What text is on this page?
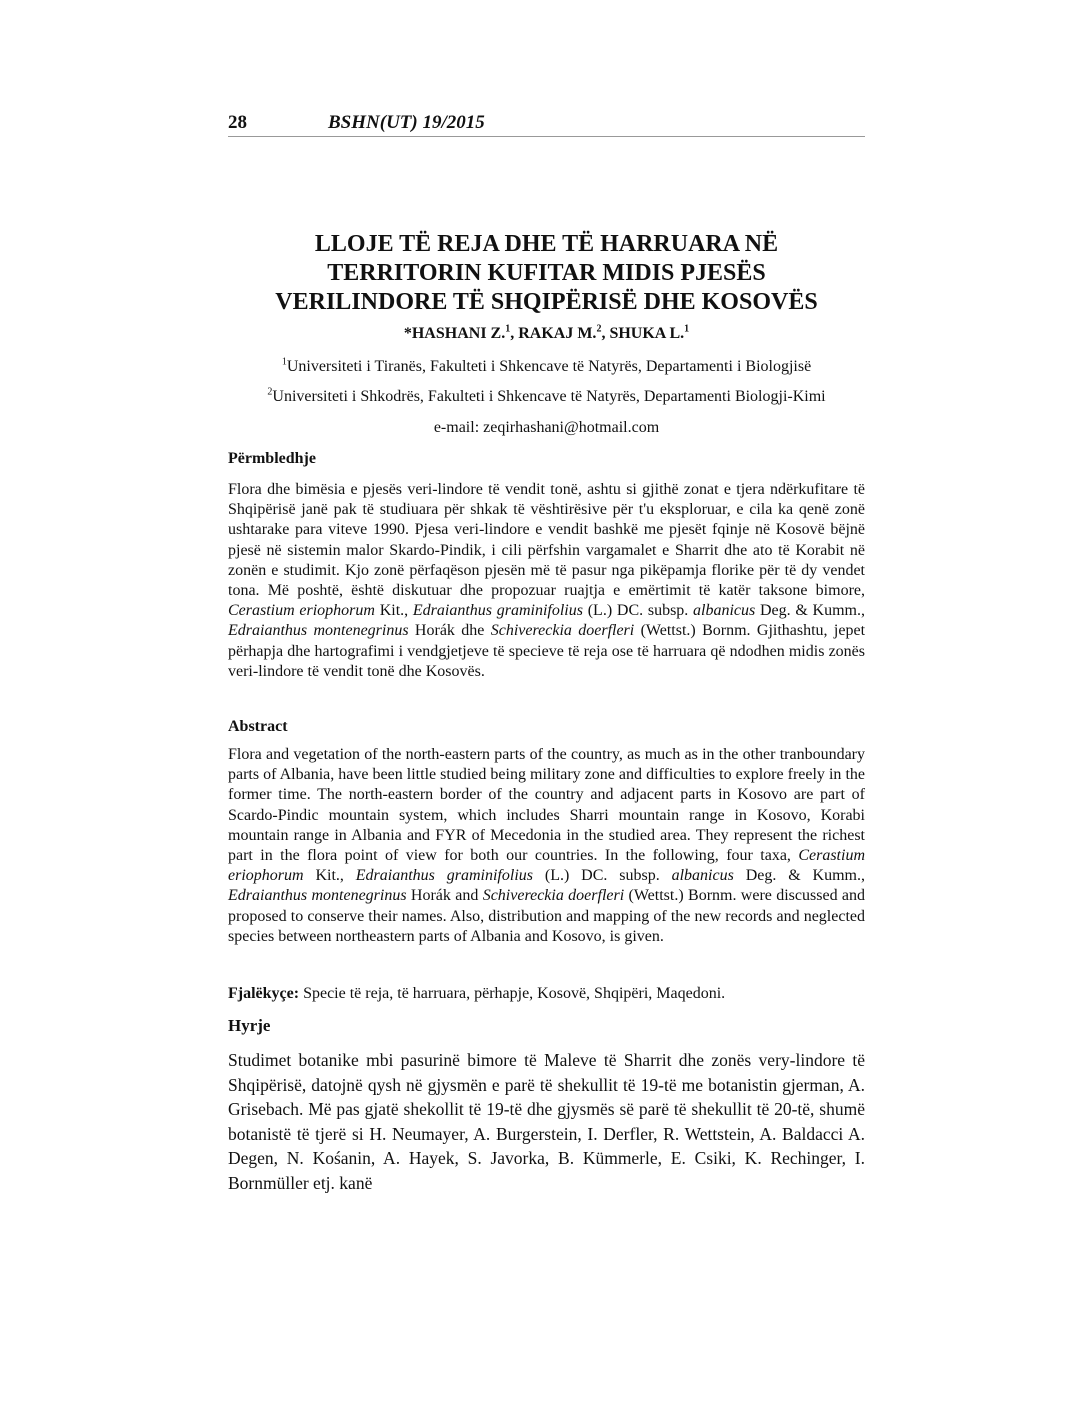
28	BSHN(UT) 19/2015
LLOJE TË REJA DHE TË HARRUARA NË
TERRITORIN KUFITAR MIDIS PJESËS
VERILINDORE TË SHQIPËRISË DHE KOSOVËS
*HASHANI Z.$^1$, RAKAJ M.$^2$, SHUKA L.$^1$
$^1$Universiteti i Tiranës, Fakulteti i Shkencave të Natyrës, Departamenti i Biologjisë
$^2$Universiteti i Shkodrës, Fakulteti i Shkencave të Natyrës, Departamenti Biologji-Kimi
e-mail: zeqirhashani@hotmail.com
Përmbledhje

Flora dhe bimësia e pjesës veri-lindore të vendit tonë, ashtu si gjithë zonat e tjera ndërkufitare të Shqipërisë janë pak të studiuara për shkak të vështirësive për t'u eksploruar, e cila ka qenë zonë ushtarake para viteve 1990. Pjesa veri-lindore e vendit bashkë me pjesët fqinje në Kosovë bëjnë pjesë në sistemin malor Skardo-Pindik, i cili përfshin vargamalet e Sharrit dhe ato të Korabit në zonën e studimit. Kjo zonë përfaqëson pjesën më të pasur nga pikëpamja florike për të dy vendet tona. Më poshtë, është diskutuar dhe propozuar ruajtja e emërtimit të katër taksone bimore, Cerastium eriophorum Kit., Edraianthus graminifolius (L.) DC. subsp. albanicus Deg. & Kumm., Edraianthus montenegrinus Horák dhe Schivereckia doerfleri (Wettst.) Bornm. Gjithashtu, jepet përhapja dhe hartografimi i vendgjetjeve të specieve të reja ose të harruara që ndodhen midis zonës veri-lindore të vendit tonë dhe Kosovës.

Abstract

Flora and vegetation of the north-eastern parts of the country, as much as in the other tranboundary parts of Albania, have been little studied being military zone and difficulties to explore freely in the former time. The north-eastern border of the country and adjacent parts in Kosovo are part of Scardo-Pindic mountain system, which includes Sharri mountain range in Kosovo, Korabi mountain range in Albania and FYR of Mecedonia in the studied area. They represent the richest part in the flora point of view for both our countries. In the following, four taxa, Cerastium eriophorum Kit., Edraianthus graminifolius (L.) DC. subsp. albanicus Deg. & Kumm., Edraianthus montenegrinus Horák and Schivereckia doerfleri (Wettst.) Bornm. were discussed and proposed to conserve their names. Also, distribution and mapping of the new records and neglected species between northeastern parts of Albania and Kosovo, is given.

Fjalëkyçe: Specie të reja, të harruara, përhapje, Kosovë, Shqipëri, Maqedoni.
Hyrje

Studimet botanike mbi pasurinë bimore të Maleve të Sharrit dhe zonës very-lindore të Shqipërisë, datojnë qysh në gjysmën e parë të shekullit të 19-të me botanistin gjerman, A. Grisebach. Më pas gjatë shekollit të 19-të dhe gjysmës së parë të shekullit të 20-të, shumë botanistë të tjerë si H. Neumayer, A. Burgerstein, I. Derfler, R. Wettstein, A. Baldacci A. Degen, N. Kośanin, A. Hayek, S. Javorka, B. Kümmerle, E. Csiki, K. Rechinger, I. Bornmüller etj. kanë
